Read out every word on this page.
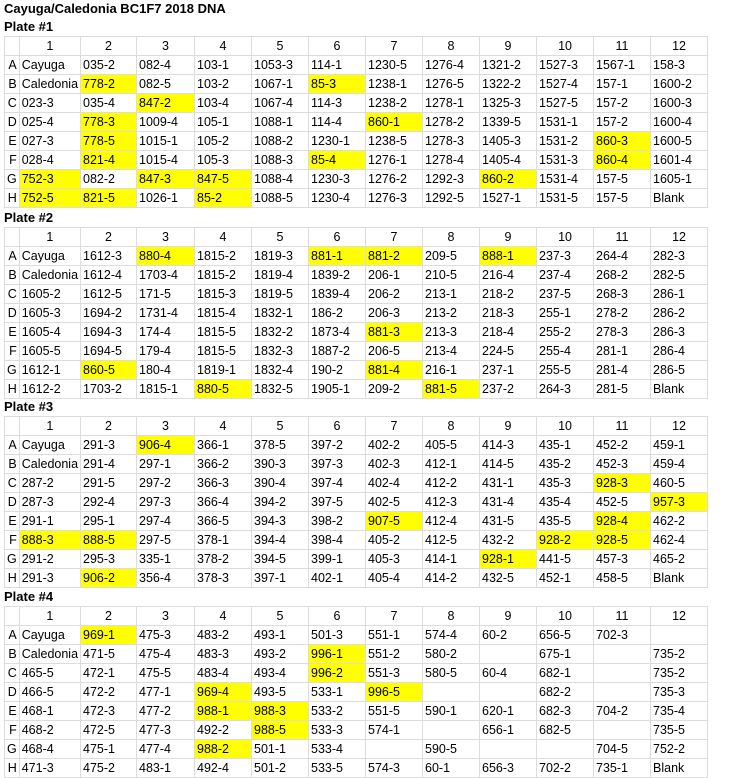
Cayuga/Caledonia BC1F7 2018 DNA
Plate #1
	1	2	3	4	5	6	7	8	9	10	11	12
A	Cayuga	035-2	082-4	103-1	1053-3	114-1	1230-5	1276-4	1321-2	1527-3	1567-1	158-3
B	Caledonia	778-2	082-5	103-2	1067-1	85-3	1238-1	1276-5	1322-2	1527-4	157-1	1600-2
C	023-3	035-4	847-2	103-4	1067-4	114-3	1238-2	1278-1	1325-3	1527-5	157-2	1600-3
D	025-4	778-3	1009-4	105-1	1088-1	114-4	860-1	1278-2	1339-5	1531-1	157-2	1600-4
E	027-3	778-5	1015-1	105-2	1088-2	1230-1	1238-5	1278-3	1405-3	1531-2	860-3	1600-5
F	028-4	821-4	1015-4	105-3	1088-3	85-4	1276-1	1278-4	1405-4	1531-3	860-4	1601-4
G	752-3	082-2	847-3	847-5	1088-4	1230-3	1276-2	1292-3	860-2	1531-4	157-5	1605-1
H	752-5	821-5	1026-1	85-2	1088-5	1230-4	1276-3	1292-5	1527-1	1531-5	157-5	Blank
Plate #2
	1	2	3	4	5	6	7	8	9	10	11	12
A	Cayuga	1612-3	880-4	1815-2	1819-3	881-1	881-2	209-5	888-1	237-3	264-4	282-3
B	Caledonia	1612-4	1703-4	1815-2	1819-4	1839-2	206-1	210-5	216-4	237-4	268-2	282-5
C	1605-2	1612-5	171-5	1815-3	1819-5	1839-4	206-2	213-1	218-2	237-5	268-3	286-1
D	1605-3	1694-2	1731-4	1815-4	1832-1	186-2	206-3	213-2	218-3	255-1	278-2	286-2
E	1605-4	1694-3	174-4	1815-5	1832-2	1873-4	881-3	213-3	218-4	255-2	278-3	286-3
F	1605-5	1694-5	179-4	1815-5	1832-3	1887-2	206-5	213-4	224-5	255-4	281-1	286-4
G	1612-1	860-5	180-4	1819-1	1832-4	190-2	881-4	216-1	237-1	255-5	281-4	286-5
H	1612-2	1703-2	1815-1	880-5	1832-5	1905-1	209-2	881-5	237-2	264-3	281-5	Blank
Plate #3
	1	2	3	4	5	6	7	8	9	10	11	12
A	Cayuga	291-3	906-4	366-1	378-5	397-2	402-2	405-5	414-3	435-1	452-2	459-1
B	Caledonia	291-4	297-1	366-2	390-3	397-3	402-3	412-1	414-5	435-2	452-3	459-4
C	287-2	291-5	297-2	366-3	390-4	397-4	402-4	412-2	431-1	435-3	928-3	460-5
D	287-3	292-4	297-3	366-4	394-2	397-5	402-5	412-3	431-4	435-4	452-5	957-3
E	291-1	295-1	297-4	366-5	394-3	398-2	907-5	412-4	431-5	435-5	928-4	462-2
F	888-3	888-5	297-5	378-1	394-4	398-4	405-2	412-5	432-2	928-2	928-5	462-4
G	291-2	295-3	335-1	378-2	394-5	399-1	405-3	414-1	928-1	441-5	457-3	465-2
H	291-3	906-2	356-4	378-3	397-1	402-1	405-4	414-2	432-5	452-1	458-5	Blank
Plate #4
	1	2	3	4	5	6	7	8	9	10	11	12
A	Cayuga	969-1	475-3	483-2	493-1	501-3	551-1	574-4	60-2	656-5	702-3	
B	Caledonia	471-5	475-4	483-3	493-2	996-1	551-2	580-2		675-1		735-2
C	465-5	472-1	475-5	483-4	493-4	996-2	551-3	580-5	60-4	682-1		735-2
D	466-5	472-2	477-1	969-4	493-5	533-1	996-5			682-2		735-3
E	468-1	472-3	477-2	988-1	988-3	533-2	551-5	590-1	620-1	682-3	704-2	735-4
F	468-2	472-5	477-3	492-2	988-5	533-3	574-1		656-1	682-5		735-5
G	468-4	475-1	477-4	988-2	501-1	533-4		590-5			704-5	752-2
H	471-3	475-2	483-1	492-4	501-2	533-5	574-3	60-1	656-3	702-2	735-1	Blank
